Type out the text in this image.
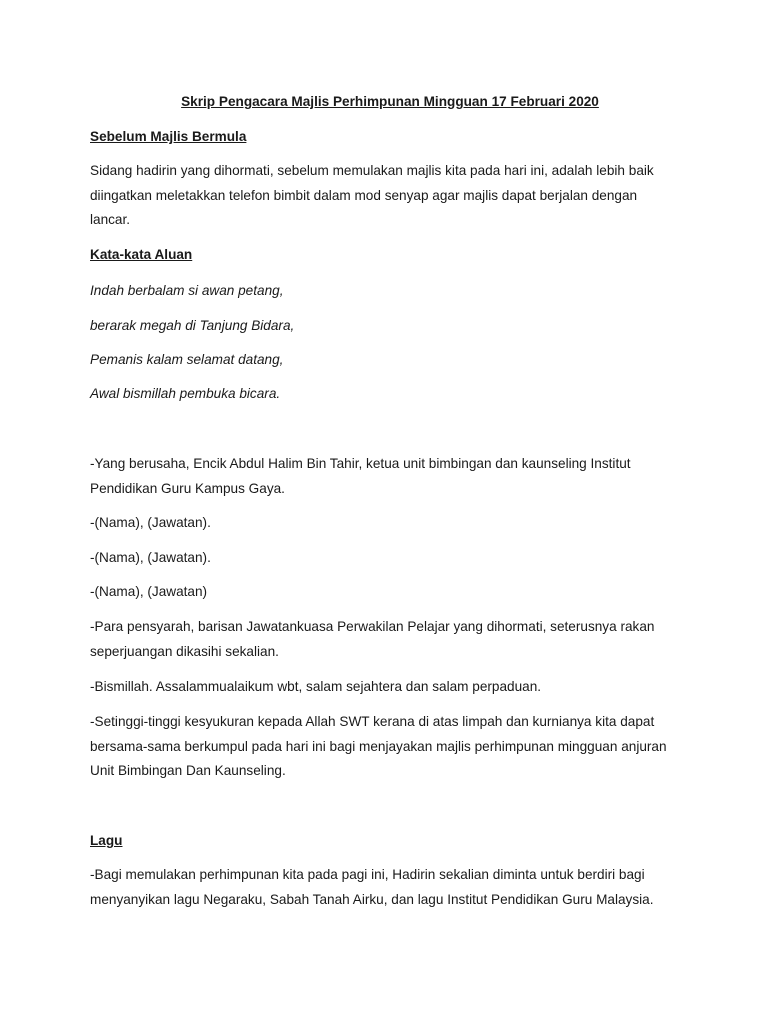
Skrip Pengacara Majlis Perhimpunan Mingguan 17 Februari 2020
Sebelum Majlis Bermula
Sidang hadirin yang dihormati, sebelum memulakan majlis kita pada hari ini, adalah lebih baik
diingatkan meletakkan telefon bimbit dalam mod senyap agar majlis dapat berjalan dengan
lancar.
Kata-kata Aluan
Indah berbalam si awan petang,
berarak megah di Tanjung Bidara,
Pemanis kalam selamat datang,
Awal bismillah pembuka bicara.
-Yang berusaha, Encik Abdul Halim Bin Tahir, ketua unit bimbingan dan kaunseling Institut
Pendidikan Guru Kampus Gaya.
-(Nama), (Jawatan).
-(Nama), (Jawatan).
-(Nama), (Jawatan)
-Para pensyarah, barisan Jawatankuasa Perwakilan Pelajar yang dihormati, seterusnya rakan
seperjuangan dikasihi sekalian.
-Bismillah. Assalammualaikum wbt, salam sejahtera dan salam perpaduan.
-Setinggi-tinggi kesyukuran kepada Allah SWT kerana di atas limpah dan kurnianya kita dapat
bersama-sama berkumpul pada hari ini bagi menjayakan majlis perhimpunan mingguan anjuran
Unit Bimbingan Dan Kaunseling.
Lagu
-Bagi memulakan perhimpunan kita pada pagi ini, Hadirin sekalian diminta untuk berdiri bagi
menyanyikan lagu Negaraku, Sabah Tanah Airku, dan lagu Institut Pendidikan Guru Malaysia.
